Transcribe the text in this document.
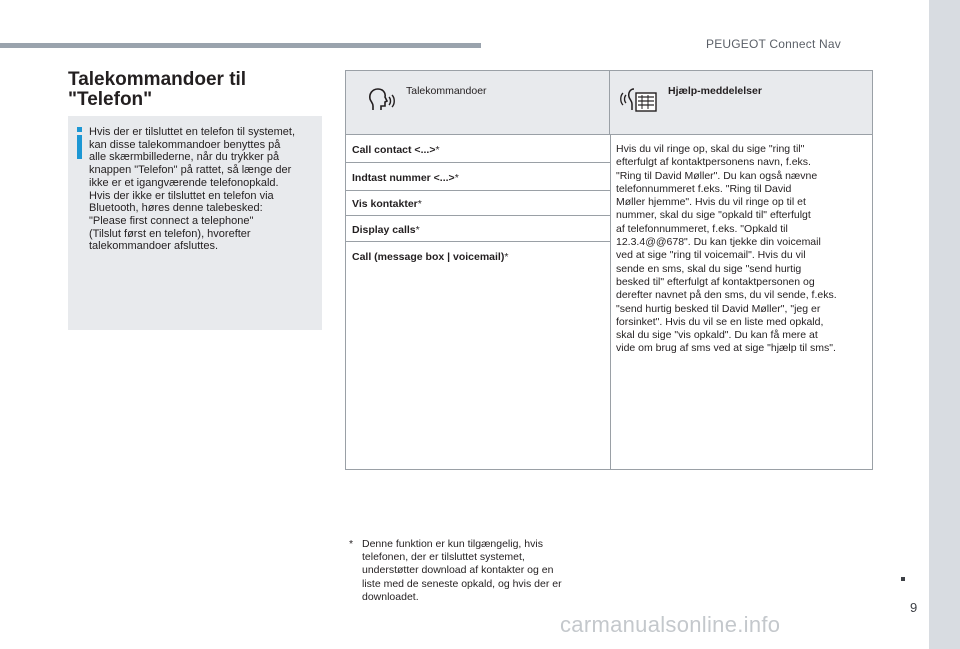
PEUGEOT Connect Nav
Talekommandoer til
"Telefon"
Hvis der er tilsluttet en telefon til systemet,
kan disse talekommandoer benyttes på
alle skærmbillederne, når du trykker på
knappen "Telefon" på rattet, så længe der
ikke er et igangværende telefonopkald.
Hvis der ikke er tilsluttet en telefon via
Bluetooth, høres denne talebesked:
"Please first connect a telephone"
(Tilslut først en telefon), hvorefter
talekommandoer afsluttes.
Talekommandoer	Hjælp-meddelelser
Call contact <...>*
Indtast nummer <...>*
Vis kontakter*
Display calls*
Call (message box | voicemail)*
Hvis du vil ringe op, skal du sige "ring til"
efterfulgt af kontaktpersonens navn, f.eks.
"Ring til David Møller". Du kan også nævne
telefonnummeret f.eks. "Ring til David
Møller hjemme". Hvis du vil ringe op til et
nummer, skal du sige "opkald til" efterfulgt
af telefonnummeret, f.eks. "Opkald til
12.3.4@@678". Du kan tjekke din voicemail
ved at sige "ring til voicemail". Hvis du vil
sende en sms, skal du sige "send hurtig
besked til" efterfulgt af kontaktpersonen og
derefter navnet på den sms, du vil sende, f.eks.
"send hurtig besked til David Møller", "jeg er
forsinket". Hvis du vil se en liste med opkald,
skal du sige "vis opkald". Du kan få mere at
vide om brug af sms ved at sige "hjælp til sms".
* Denne funktion er kun tilgængelig, hvis
telefonen, der er tilsluttet systemet,
understøtter download af kontakter og en
liste med de seneste opkald, og hvis der er
downloadet.
9
carmanualsonline.info
